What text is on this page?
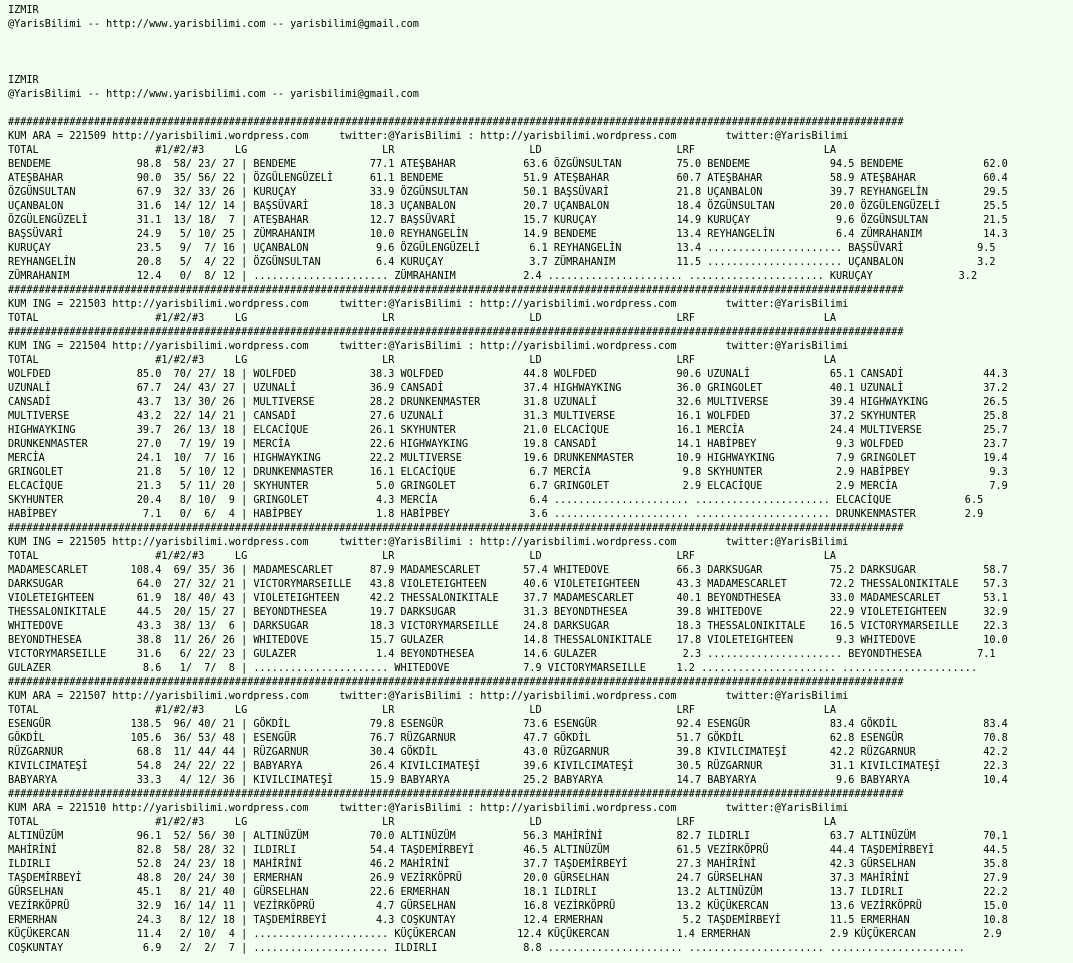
IZMIR
@YarisBilimi -- http://www.yarisbilimi.com -- yarisbilimi@gmail.com
IZMIR
@YarisBilimi -- http://www.yarisbilimi.com -- yarisbilimi@gmail.com
##################################################################################################################################################
KUM ARA = 221509 http://yarisbilimi.wordpress.com     twitter:@YarisBilimi : http://yarisbilimi.wordpress.com        twitter:@YarisBilimi
TOTAL                   #1/#2/#3     LG                      LR                      LD                      LRF                     LA
BENDEME              98.8  58/ 23/ 27 | BENDEME            77.1 ATEŞBAHAR           63.6 ÖZGÜNSULTAN         75.0 BENDEME             94.5 BENDEME             62.0
ATEŞBAHAR            90.0  35/ 56/ 22 | ÖZGÜLENGÜZELİ      61.1 BENDEME             51.9 ATEŞBAHAR           60.7 ATEŞBAHAR           58.9 ATEŞBAHAR           60.4
ÖZGÜNSULTAN          67.9  32/ 33/ 26 | KURUÇAY            33.9 ÖZGÜNSULTAN         50.1 BAŞSÜVARİ           21.8 UÇANBALON           39.7 REYHANGELİN         29.5
UÇANBALON            31.6  14/ 12/ 14 | BAŞSÜVARİ          18.3 UÇANBALON           20.7 UÇANBALON           18.4 ÖZGÜNSULTAN         20.0 ÖZGÜLENGÜZELİ       25.5
ÖZGÜLENGÜZELİ        31.1  13/ 18/  7 | ATEŞBAHAR          12.7 BAŞSÜVARİ           15.7 KURUÇAY             14.9 KURUÇAY              9.6 ÖZGÜNSULTAN         21.5
BAŞSÜVARİ            24.9   5/ 10/ 25 | ZÜMRAHANIM         10.0 REYHANGELİN         14.9 BENDEME             13.4 REYHANGELİN          6.4 ZÜMRAHANIM          14.3
KURUÇAY              23.5   9/  7/ 16 | UÇANBALON           9.6 ÖZGÜLENGÜZELİ        6.1 REYHANGELİN         13.4 ...................... BAŞSÜVARİ            9.5
REYHANGELİN          20.8   5/  4/ 22 | ÖZGÜNSULTAN         6.4 KURUÇAY              3.7 ZÜMRAHANIM          11.5 ...................... UÇANBALON            3.2
ZÜMRAHANIM           12.4   0/  8/ 12 | ...................... ZÜMRAHANIM           2.4 ...................... ...................... KURUÇAY              3.2
##################################################################################################################################################
KUM ING = 221503 http://yarisbilimi.wordpress.com     twitter:@YarisBilimi : http://yarisbilimi.wordpress.com        twitter:@YarisBilimi
TOTAL                   #1/#2/#3     LG                      LR                      LD                      LRF                     LA
##################################################################################################################################################
KUM ING = 221504 http://yarisbilimi.wordpress.com     twitter:@YarisBilimi : http://yarisbilimi.wordpress.com        twitter:@YarisBilimi
TOTAL                   #1/#2/#3     LG                      LR                      LD                      LRF                     LA
WOLFDED              85.0  70/ 27/ 18 | WOLFDED            38.3 WOLFDED             44.8 WOLFDED             90.6 UZUNALİ             65.1 CANSADİ             44.3
UZUNALİ              67.7  24/ 43/ 27 | UZUNALİ            36.9 CANSADİ             37.4 HIGHWAYKING         36.0 GRINGOLET           40.1 UZUNALİ             37.2
CANSADİ              43.7  13/ 30/ 26 | MULTIVERSE         28.2 DRUNKENMASTER       31.8 UZUNALİ             32.6 MULTIVERSE          39.4 HIGHWAYKING         26.5
MULTIVERSE           43.2  22/ 14/ 21 | CANSADİ            27.6 UZUNALİ             31.3 MULTIVERSE          16.1 WOLFDED             37.2 SKYHUNTER           25.8
HIGHWAYKING          39.7  26/ 13/ 18 | ELCACİQUE          26.1 SKYHUNTER           21.0 ELCACİQUE           16.1 MERCİA              24.4 MULTIVERSE          25.7
DRUNKENMASTER        27.0   7/ 19/ 19 | MERCİA             22.6 HIGHWAYKING         19.8 CANSADİ             14.1 HABİPBEY             9.3 WOLFDED             23.7
MERCİA               24.1  10/  7/ 16 | HIGHWAYKING        22.2 MULTIVERSE          19.6 DRUNKENMASTER       10.9 HIGHWAYKING          7.9 GRINGOLET           19.4
GRINGOLET            21.8   5/ 10/ 12 | DRUNKENMASTER      16.1 ELCACİQUE            6.7 MERCİA               9.8 SKYHUNTER            2.9 HABİPBEY             9.3
ELCACİQUE            21.3   5/ 11/ 20 | SKYHUNTER           5.0 GRINGOLET            6.7 GRINGOLET            2.9 ELCACİQUE            2.9 MERCİA               7.9
SKYHUNTER            20.4   8/ 10/  9 | GRINGOLET           4.3 MERCİA               6.4 ...................... ...................... ELCACİQUE            6.5
HABİPBEY              7.1   0/  6/  4 | HABİPBEY            1.8 HABİPBEY             3.6 ...................... ...................... DRUNKENMASTER        2.9
##################################################################################################################################################
KUM ING = 221505 http://yarisbilimi.wordpress.com     twitter:@YarisBilimi : http://yarisbilimi.wordpress.com        twitter:@YarisBilimi
TOTAL                   #1/#2/#3     LG                      LR                      LD                      LRF                     LA
MADAMESCARLET       108.4  69/ 35/ 36 | MADAMESCARLET      87.9 MADAMESCARLET       57.4 WHITEDOVE           66.3 DARKSUGAR           75.2 DARKSUGAR           58.7
DARKSUGAR            64.0  27/ 32/ 21 | VICTORYMARSEILLE   43.8 VIOLETEIGHTEEN      40.6 VIOLETEIGHTEEN      43.3 MADAMESCARLET       72.2 THESSALONIKITALE    57.3
VIOLETEIGHTEEN       61.9  18/ 40/ 43 | VIOLETEIGHTEEN     42.2 THESSALONIKITALE    37.7 MADAMESCARLET       40.1 BEYONDTHESEA        33.0 MADAMESCARLET       53.1
THESSALONIKITALE     44.5  20/ 15/ 27 | BEYONDTHESEA       19.7 DARKSUGAR           31.3 BEYONDTHESEA        39.8 WHITEDOVE           22.9 VIOLETEIGHTEEN      32.9
WHITEDOVE            43.3  38/ 13/  6 | DARKSUGAR          18.3 VICTORYMARSEILLE    24.8 DARKSUGAR           18.3 THESSALONIKITALE    16.5 VICTORYMARSEILLE    22.3
BEYONDTHESEA         38.8  11/ 26/ 26 | WHITEDOVE          15.7 GULAZER             14.8 THESSALONIKITALE    17.8 VIOLETEIGHTEEN       9.3 WHITEDOVE           10.0
VICTORYMARSEILLE     31.6   6/ 22/ 23 | GULAZER             1.4 BEYONDTHESEA        14.6 GULAZER              2.3 ...................... BEYONDTHESEA         7.1
GULAZER               8.6   1/  7/  8 | ...................... WHITEDOVE            7.9 VICTORYMARSEILLE     1.2 ...................... ......................
##################################################################################################################################################
KUM ARA = 221507 http://yarisbilimi.wordpress.com     twitter:@YarisBilimi : http://yarisbilimi.wordpress.com        twitter:@YarisBilimi
TOTAL                   #1/#2/#3     LG                      LR                      LD                      LRF                     LA
ESENGÜR             138.5  96/ 40/ 21 | GÖKDİL             79.8 ESENGÜR             73.6 ESENGÜR             92.4 ESENGÜR             83.4 GÖKDİL              83.4
GÖKDİL              105.6  36/ 53/ 48 | ESENGÜR            76.7 RÜZGARNUR           47.7 GÖKDİL              51.7 GÖKDİL              62.8 ESENGÜR             70.8
RÜZGARNUR            68.8  11/ 44/ 44 | RÜZGARNUR          30.4 GÖKDİL              43.0 RÜZGARNUR           39.8 KIVILCIMATEŞİ       42.2 RÜZGARNUR           42.2
KIVILCIMATEŞİ        54.8  24/ 22/ 22 | BABYARYA           26.4 KIVILCIMATEŞİ       39.6 KIVILCIMATEŞİ       30.5 RÜZGARNUR           31.1 KIVILCIMATEŞİ       22.3
BABYARYA             33.3   4/ 12/ 36 | KIVILCIMATEŞİ      15.9 BABYARYA            25.2 BABYARYA            14.7 BABYARYA             9.6 BABYARYA            10.4
##################################################################################################################################################
KUM ARA = 221510 http://yarisbilimi.wordpress.com     twitter:@YarisBilimi : http://yarisbilimi.wordpress.com        twitter:@YarisBilimi
TOTAL                   #1/#2/#3     LG                      LR                      LD                      LRF                     LA
ALTINÜZÜM            96.1  52/ 56/ 30 | ALTINÜZÜM          70.0 ALTINÜZÜM           56.3 MAHİRİNİ            82.7 ILDIRLI             63.7 ALTINÜZÜM           70.1
MAHİRİNİ             82.8  58/ 28/ 32 | ILDIRLI            54.4 TAŞDEMİRBEYİ        46.5 ALTINÜZÜM           61.5 VEZİRKÖPRÜ          44.4 TAŞDEMİRBEYİ        44.5
ILDIRLI              52.8  24/ 23/ 18 | MAHİRİNİ           46.2 MAHİRİNİ            37.7 TAŞDEMİRBEYİ        27.3 MAHİRİNİ            42.3 GÜRSELHAN           35.8
TAŞDEMİRBEYİ         48.8  20/ 24/ 30 | ERMERHAN           26.9 VEZİRKÖPRÜ          20.0 GÜRSELHAN           24.7 GÜRSELHAN           37.3 MAHİRİNİ            27.9
GÜRSELHAN            45.1   8/ 21/ 40 | GÜRSELHAN          22.6 ERMERHAN            18.1 ILDIRLI             13.2 ALTINÜZÜM           13.7 ILDIRLI             22.2
VEZİRKÖPRÜ           32.9  16/ 14/ 11 | VEZİRKÖPRÜ          4.7 GÜRSELHAN           16.8 VEZİRKÖPRÜ          13.2 KÜÇÜKERCAN          13.6 VEZİRKÖPRÜ          15.0
ERMERHAN             24.3   8/ 12/ 18 | TAŞDEMİRBEYİ        4.3 COŞKUNTAY           12.4 ERMERHAN             5.2 TAŞDEMİRBEYİ        11.5 ERMERHAN            10.8
KÜÇÜKERCAN           11.4   2/ 10/  4 | ...................... KÜÇÜKERCAN          12.4 KÜÇÜKERCAN           1.4 ERMERHAN             2.9 KÜÇÜKERCAN           2.9
COŞKUNTAY             6.9   2/  2/  7 | ...................... ILDIRLI              8.8 ...................... ...................... ......................
